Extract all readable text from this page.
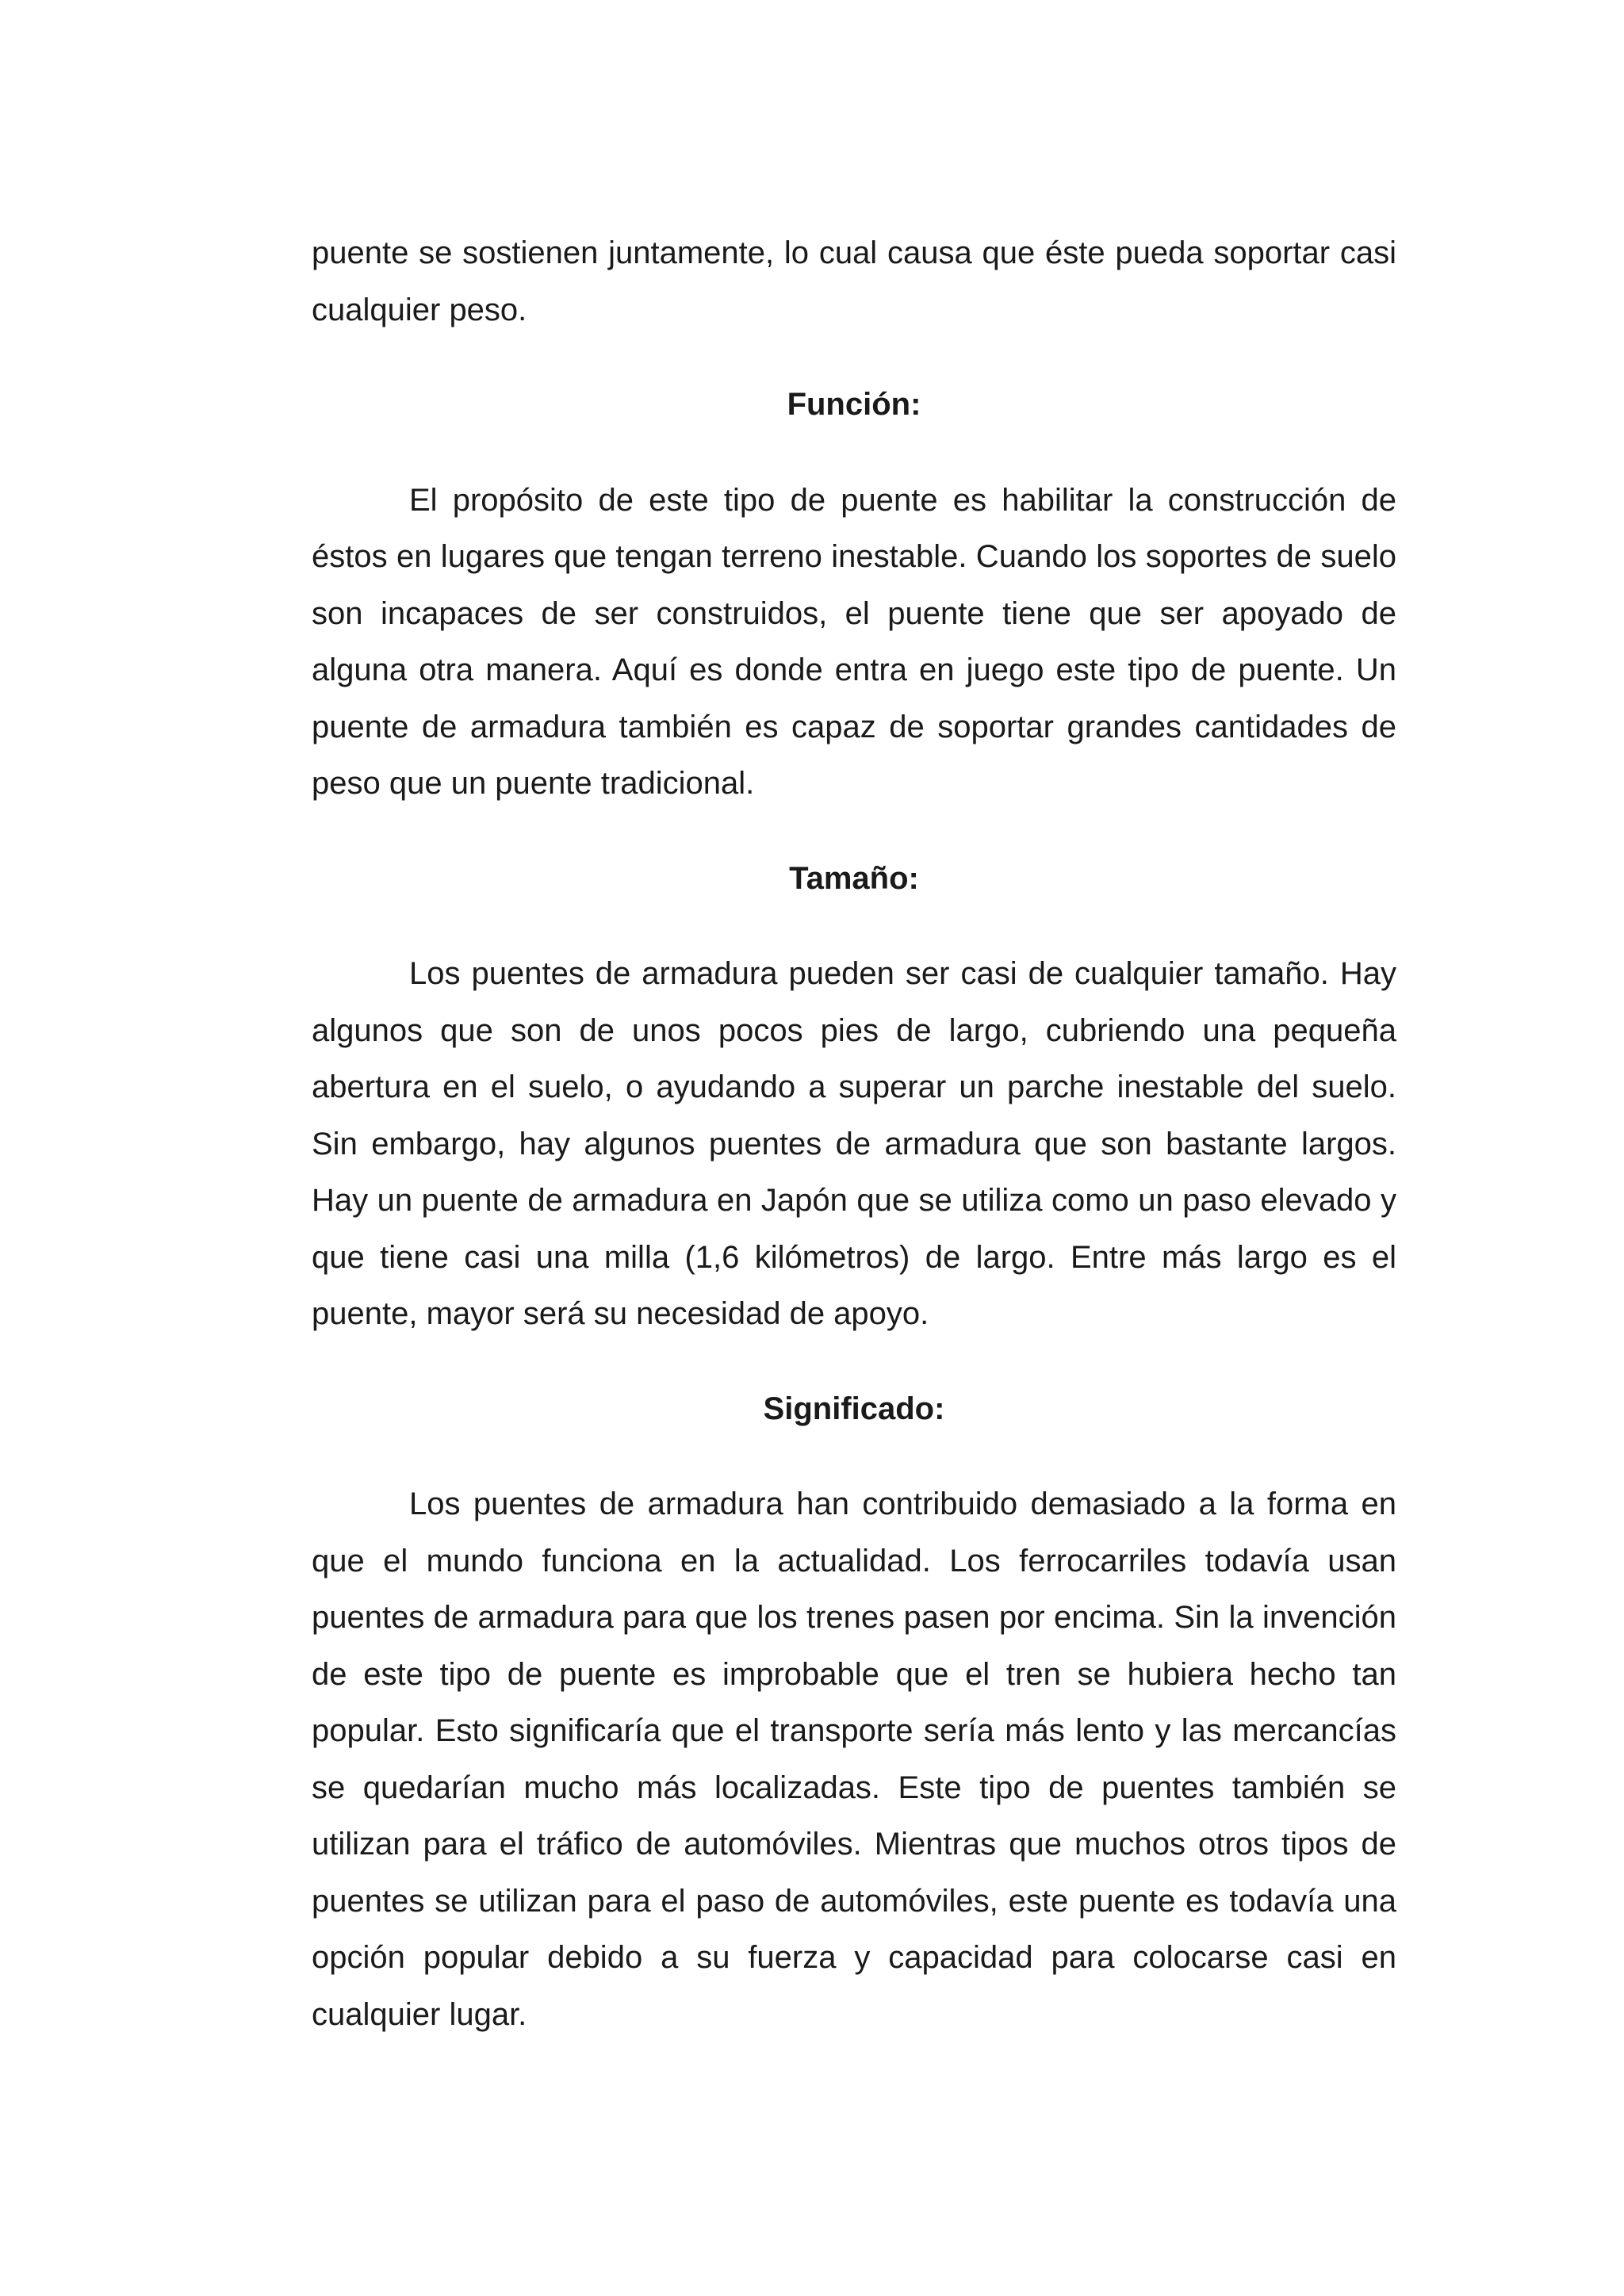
puente se sostienen juntamente, lo cual causa que éste pueda soportar casi cualquier peso.

Función:

El propósito de este tipo de puente es habilitar la construcción de éstos en lugares que tengan terreno inestable. Cuando los soportes de suelo son incapaces de ser construidos, el puente tiene que ser apoyado de alguna otra manera. Aquí es donde entra en juego este tipo de puente. Un puente de armadura también es capaz de soportar grandes cantidades de peso que un puente tradicional.

Tamaño:

Los puentes de armadura pueden ser casi de cualquier tamaño. Hay algunos que son de unos pocos pies de largo, cubriendo una pequeña abertura en el suelo, o ayudando a superar un parche inestable del suelo. Sin embargo, hay algunos puentes de armadura que son bastante largos. Hay un puente de armadura en Japón que se utiliza como un paso elevado y que tiene casi una milla (1,6 kilómetros) de largo. Entre más largo es el puente, mayor será su necesidad de apoyo.

Significado:

Los puentes de armadura han contribuido demasiado a la forma en que el mundo funciona en la actualidad. Los ferrocarriles todavía usan puentes de armadura para que los trenes pasen por encima. Sin la invención de este tipo de puente es improbable que el tren se hubiera hecho tan popular. Esto significaría que el transporte sería más lento y las mercancías se quedarían mucho más localizadas. Este tipo de puentes también se utilizan para el tráfico de automóviles. Mientras que muchos otros tipos de puentes se utilizan para el paso de automóviles, este puente es todavía una opción popular debido a su fuerza y capacidad para colocarse casi en cualquier lugar.
